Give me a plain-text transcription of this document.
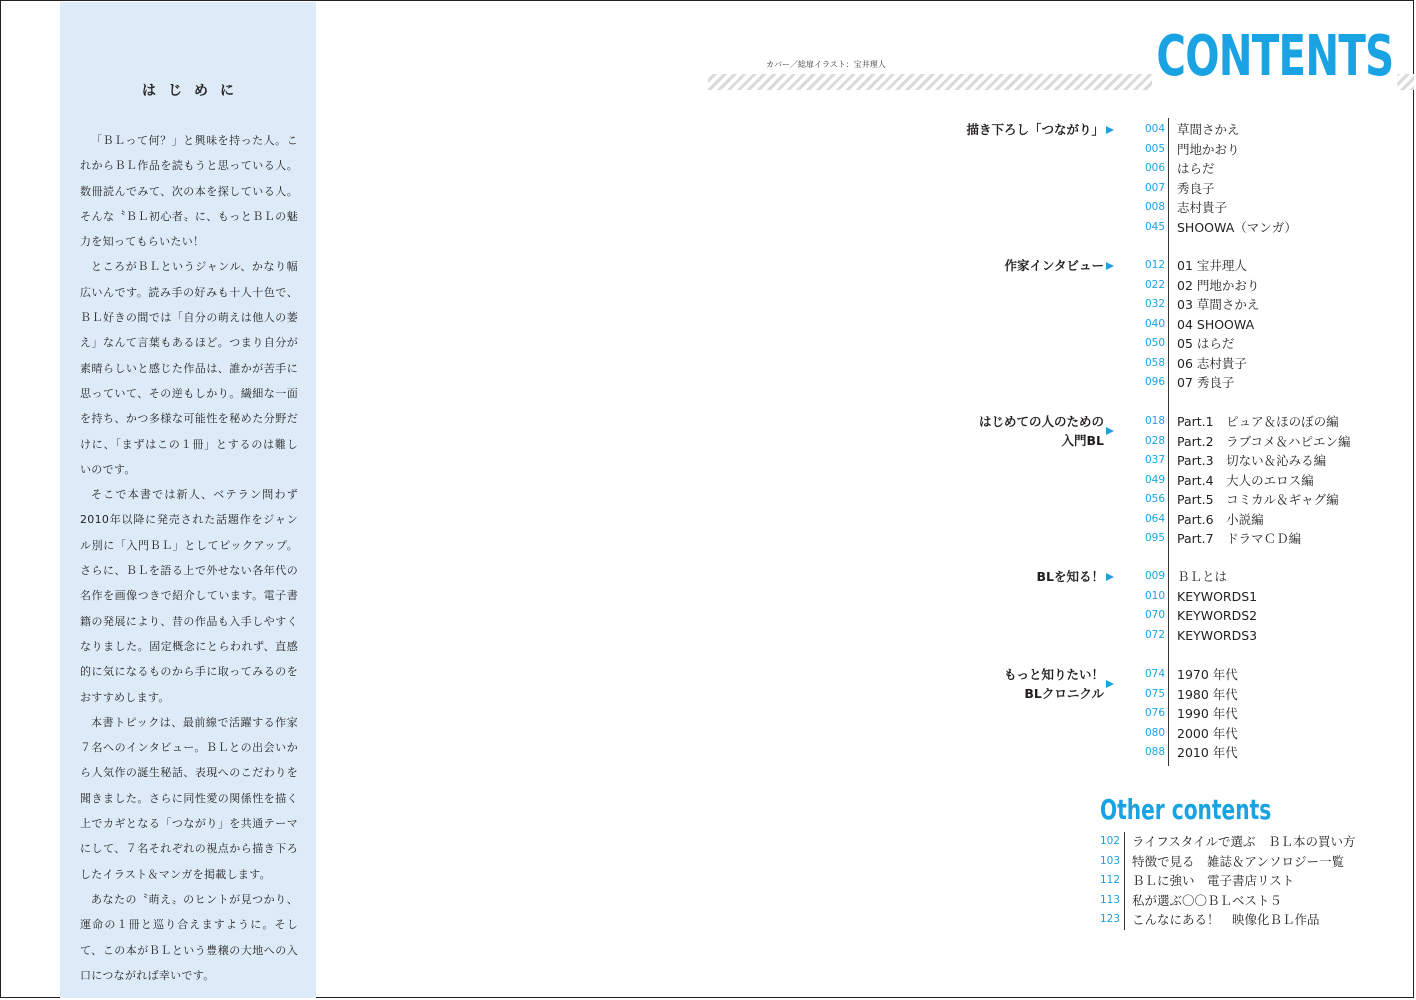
はじめに

「ＢＬって何？」と興味を持った人。これからＢＬ作品を読もうと思っている人。数冊読んでみて、次の本を探している人。そんな〝ＢＬ初心者〟に、もっとＢＬの魅力を知ってもらいたい！

ところがＢＬというジャンル、かなり幅広いんです。読み手の好みも十人十色で、ＢＬ好きの間では「自分の萌えは他人の萎え」なんて言葉もあるほど。つまり自分が素晴らしいと感じた作品は、誰かが苦手に思っていて、その逆もしかり。繊細な一面を持ち、かつ多様な可能性を秘めた分野だけに、「まずはこの１冊」とするのは難しいのです。

そこで本書では新人、ベテラン問わず2010年以降に発売された話題作をジャンル別に「入門ＢＬ」としてピックアップ。さらに、ＢＬを語る上で外せない各年代の名作を画像つきで紹介しています。電子書籍の発展により、昔の作品も入手しやすくなりました。固定概念にとらわれず、直感的に気になるものから手に取ってみるのをおすすめします。

本書トピックは、最前線で活躍する作家７名へのインタビュー。ＢＬとの出会いから人気作の誕生秘話、表現へのこだわりを聞きました。さらに同性愛の関係性を描く上でカギとなる「つながり」を共通テーマにして、７名それぞれの視点から描き下ろしたイラスト＆マンガを掲載します。

あなたの〝萌え〟のヒントが見つかり、運命の１冊と巡り合えますように。そして、この本がＢＬという豊穣の大地への入口につながれば幸いです。

カバー／総扉イラスト：宝井理人	CONTENTS
描き下ろし「つながり」	004 草間さかえ
005 門地かおり
006 はらだ
007 秀良子
008 志村貴子
045 SHOOWA（マンガ）
作家インタビュー	012 01 宝井理人
022 02 門地かおり
032 03 草間さかえ
040 04 SHOOWA
050 05 はらだ
058 06 志村貴子
096 07 秀良子
はじめての人のための
入門BL
018 Part.1　ピュア＆ほのぼの編
028 Part.2　ラブコメ＆ハピエン編
037 Part.3　切ない＆沁みる編
049 Part.4　大人のエロス編
056 Part.5　コミカル＆ギャグ編
064 Part.6　小説編
095 Part.7　ドラマＣＤ編
BLを知る！	009 ＢＬとは
010 KEYWORDS1
070 KEYWORDS2
072 KEYWORDS3
もっと知りたい！
BLクロニクル
074 1970 年代
075 1980 年代
076 1990 年代
080 2000 年代
088 2010 年代
Other contents
102 ライフスタイルで選ぶ　ＢＬ本の買い方
103 特徴で見る　雑誌＆アンソロジー一覧
112 ＢＬに強い　電子書店リスト
113 私が選ぶ〇〇ＢＬベスト５
123 こんなにある！　映像化ＢＬ作品
